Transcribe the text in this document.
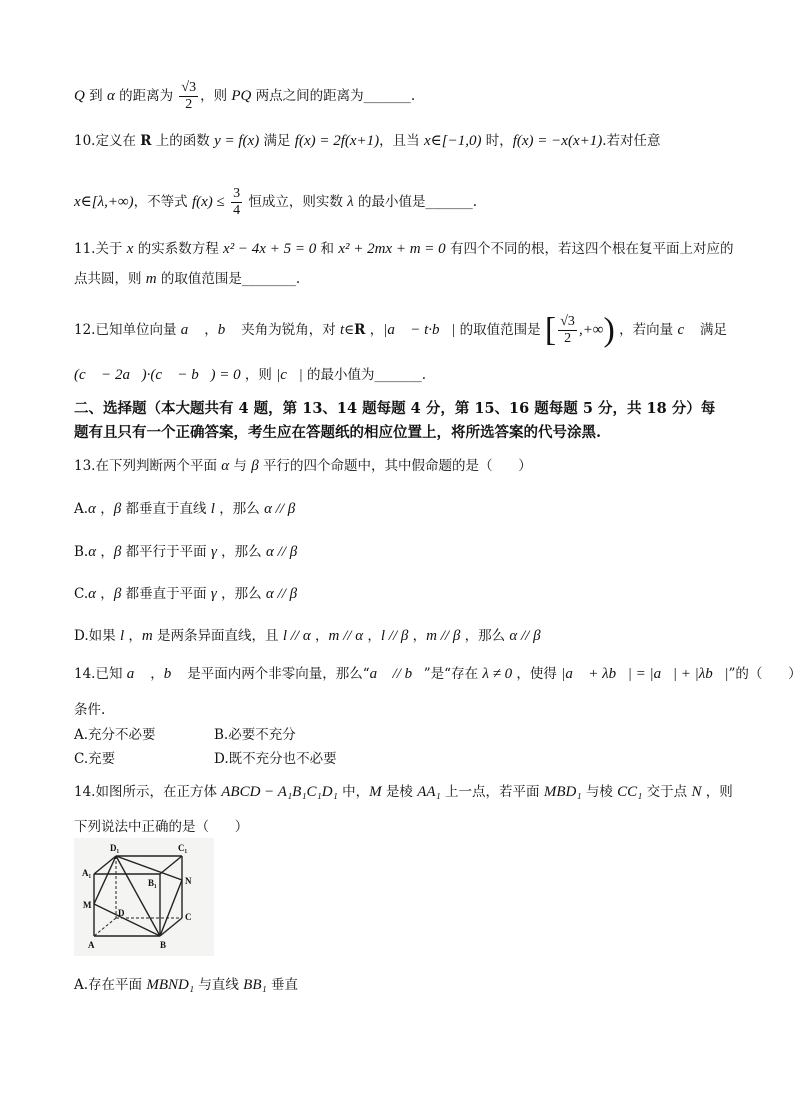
Q 到 α 的距离为 $\frac{√3}{2}$ ，则 PQ 两点之间的距离为_______.
10.定义在 R 上的函数 y = f(x) 满足 f(x) = 2f(x+1)，且当 x∈[−1,0) 时，f(x) = −x(x+1).若对任意
x∈[λ,+∞)，不等式 $f(x) \le \frac{3}{4}$ 恒成立，则实数 λ 的最小值是_______.
11.关于 x 的实系数方程 x² − 4x + 5 = 0 和 x² + 2mx + m = 0 有四个不同的根，若这四个根在复平面上对应的
点共圆，则 m 的取值范围是________.
12.已知单位向量 a⃗ ，b⃗ 夹角为锐角，对 t∈R ，|a⃗ − t·b⃗| 的取值范围是 [ $\frac{√3}{2}$ ,+∞) ，若向量 c⃗ 满足
(c⃗ − 2a⃗)·(c⃗ − b⃗) = 0 ，则 |c⃗| 的最小值为_______.
二、选择题（本大题共有 4 题，第 13、14 题每题 4 分，第 15、16 题每题 5 分，共 18 分）每
题有且只有一个正确答案，考生应在答题纸的相应位置上，将所选答案的代号涂黑.
13.在下列判断两个平面 α 与 β 平行的四个命题中，其中假命题的是（      ）
A.α ，β 都垂直于直线 l ，那么 α // β
B.α ，β 都平行于平面 γ ，那么 α // β
C.α ，β 都垂直于平面 γ ，那么 α // β
D.如果 l ，m 是两条异面直线，且 l // α ，m // α ，l // β ，m // β ，那么 α // β
14.已知 a⃗ ，b⃗ 是平面内两个非零向量，那么“a⃗ // b⃗”是“存在 λ ≠ 0 ，使得 |a⃗ + λb⃗| = |a⃗| + |λb⃗|”的（      ）
条件.
A.充分不必要	B.必要不充分
C.充要	D.既不充分也不必要
14.如图所示，在正方体 ABCD − A₁B₁C₁D₁ 中，M 是棱 AA₁ 上一点，若平面 MBD₁ 与棱 CC₁ 交于点 N ，则
下列说法中正确的是（      ）
D₁	C₁
A₁
B₁	N
M
D	C
A	B
A.存在平面 MBND₁ 与直线 BB₁ 垂直
